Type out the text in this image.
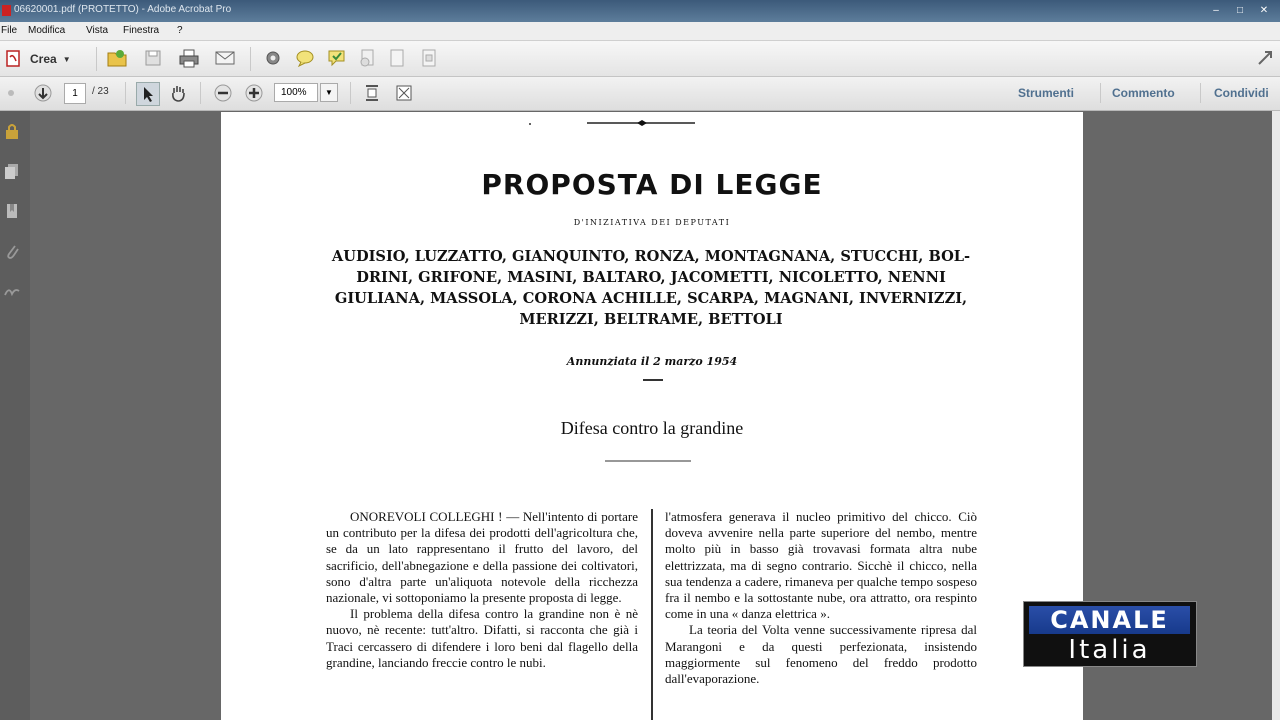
06620001.pdf (PROTETTO) - Adobe Acrobat Pro	–	□	✕
File Modifica Vista Finestra ?
Crea ▼
1	/ 23	100%	▼	Strumenti	Commento	Condividi
PROPOSTA DI LEGGE
D'INIZIATIVA DEI DEPUTATI
AUDISIO, LUZZATTO, GIANQUINTO, RONZA, MONTAGNANA, STUCCHI, BOL-
DRINI, GRIFONE, MASINI, BALTARO, JACOMETTI, NICOLETTO, NENNI
GIULIANA, MASSOLA, CORONA ACHILLE, SCARPA, MAGNANI, INVERNIZZI,
MERIZZI, BELTRAME, BETTOLI
Annunziata il 2 marzo 1954
Difesa contro la grandine

ONOREVOLI COLLEGHI ! — Nell'intento di portare un contributo per la difesa dei prodotti dell'agricoltura che, se da un lato rappresentano il frutto del lavoro, del sacrificio, dell'abnegazione e della passione dei coltivatori, sono d'altra parte un'aliquota notevole della ricchezza nazionale, vi sottoponiamo la presente proposta di legge.

Il problema della difesa contro la grandine non è nè nuovo, nè recente: tutt'altro. Difatti, si racconta che già i Traci cercassero di difendere i loro beni dal flagello della grandine, lanciando freccie contro le nubi.

l'atmosfera generava il nucleo primitivo del chicco. Ciò doveva avvenire nella parte superiore del nembo, mentre molto più in basso già trovavasi formata altra nube elettrizzata, ma di segno contrario. Sicchè il chicco, nella sua tendenza a cadere, rimaneva per qualche tempo sospeso fra il nembo e la sottostante nube, ora attratto, ora respinto come in una « danza elettrica ».

La teoria del Volta venne successivamente ripresa dal Marangoni e da questi perfezionata, insistendo maggiormente sul fenomeno del freddo prodotto dall'evaporazione.

CANALE
Italia
